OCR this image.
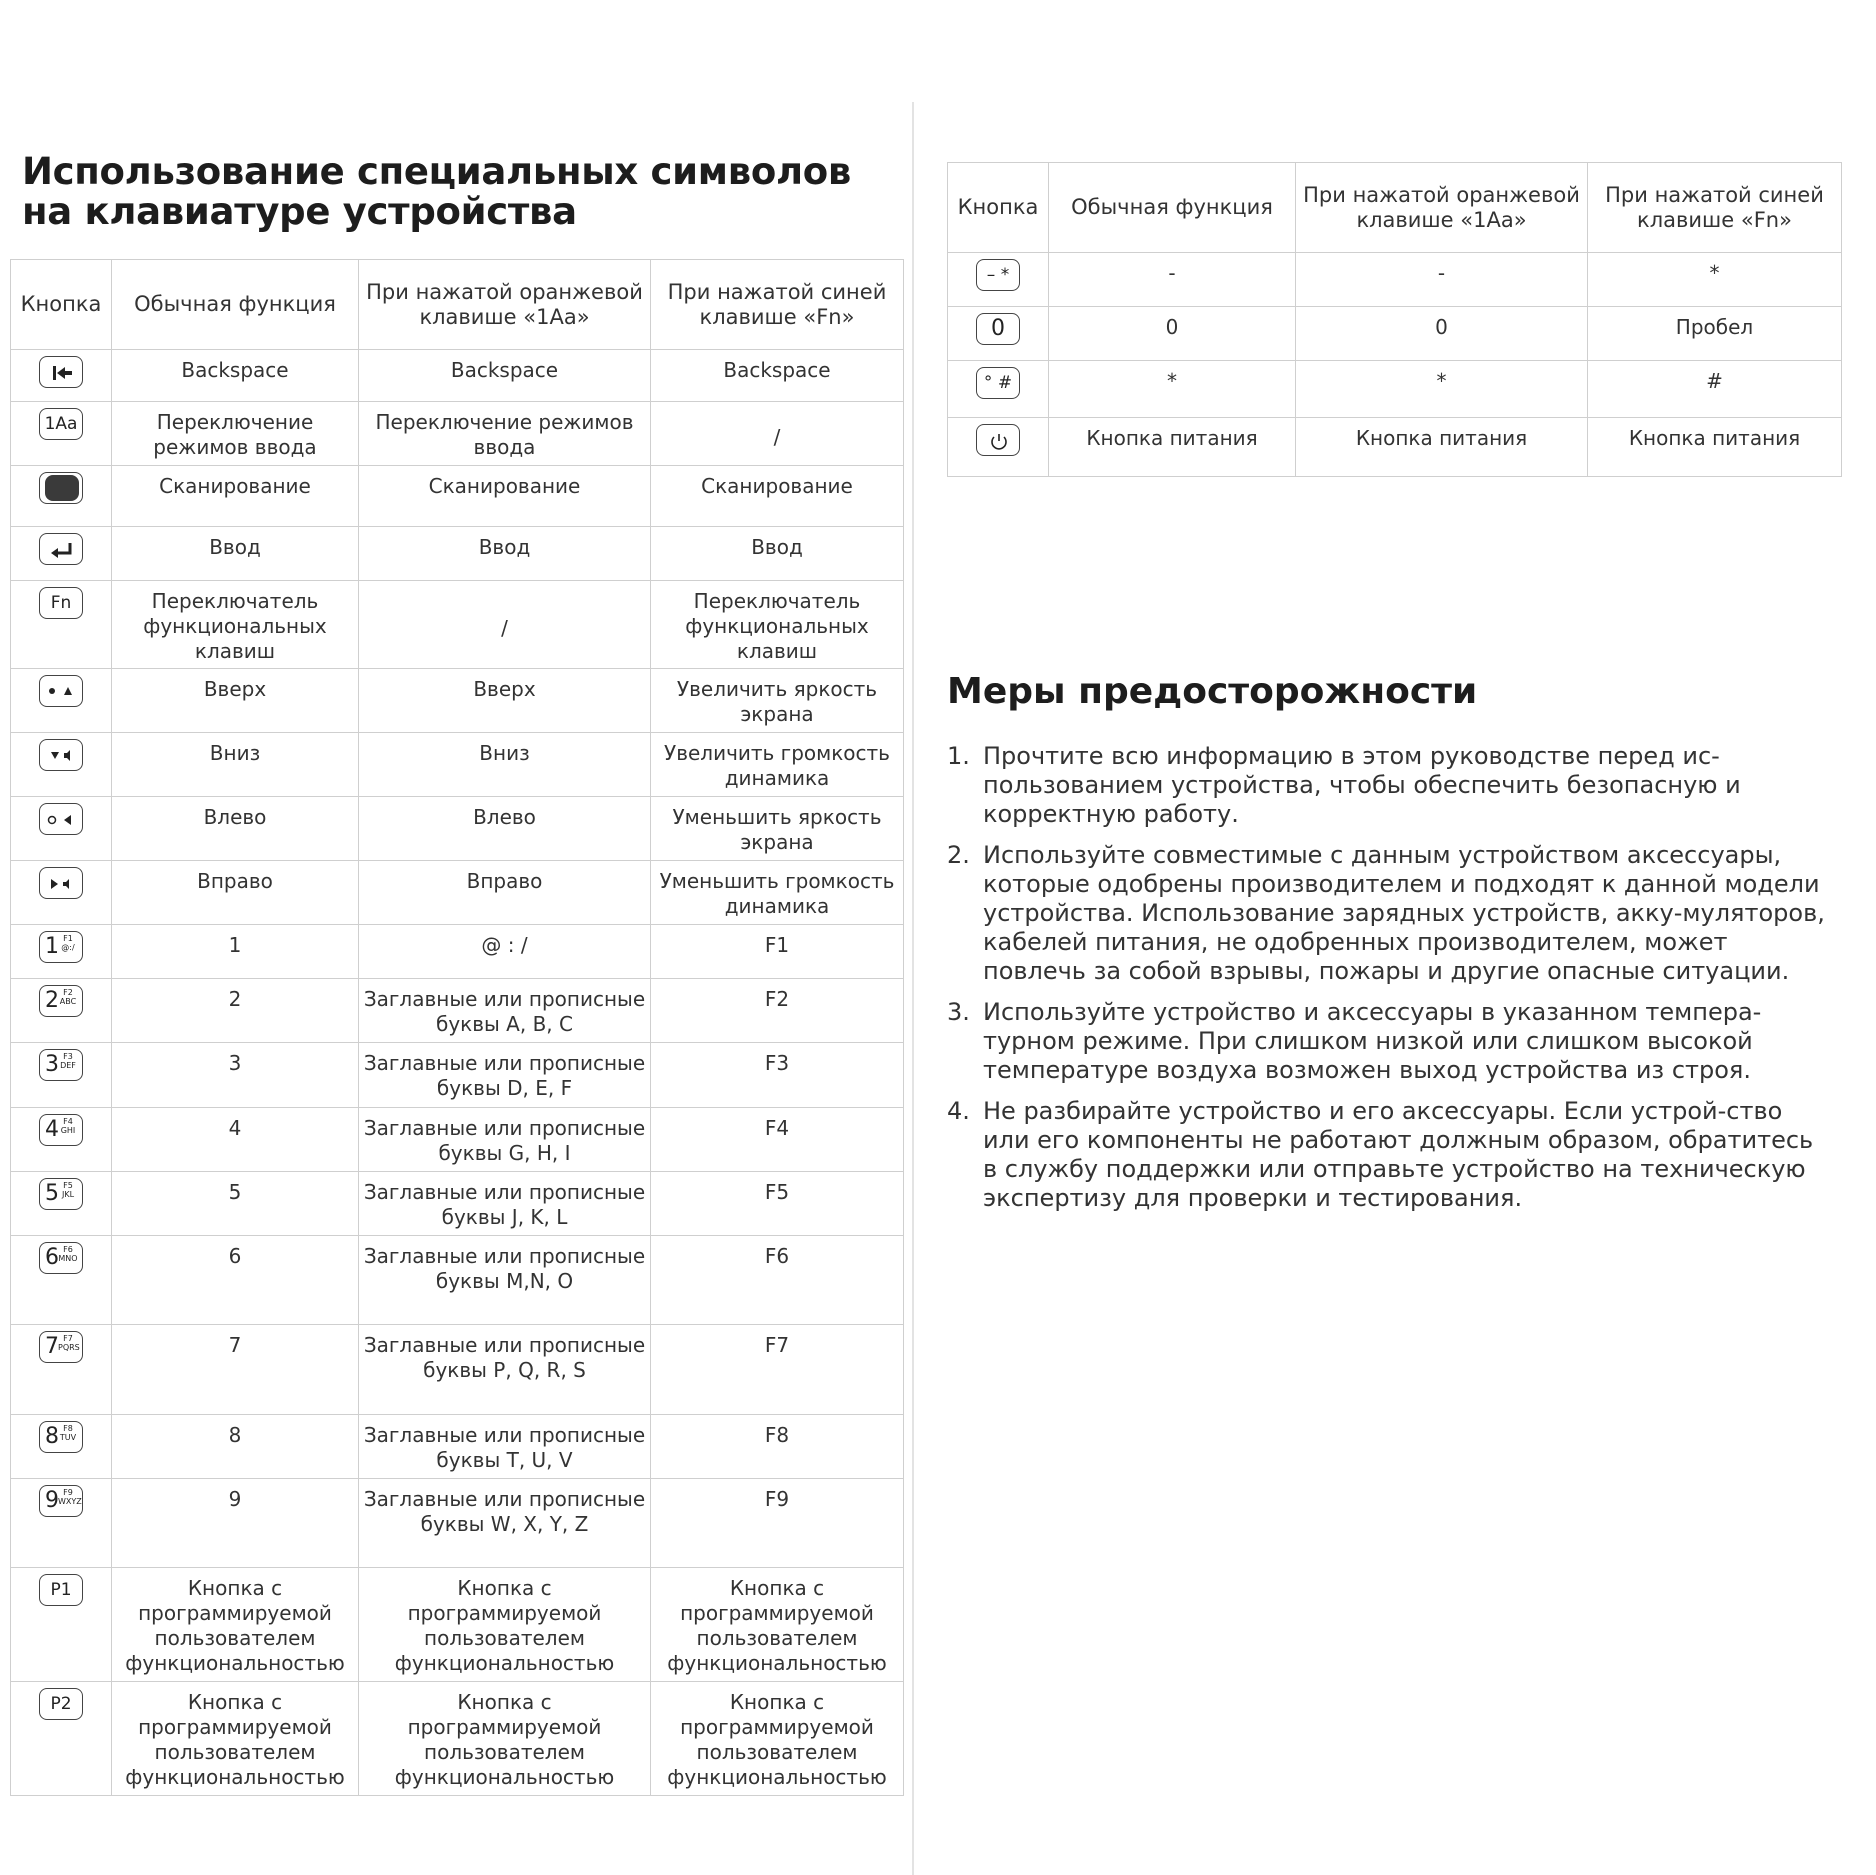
Использование специальных символов
на клавиатуре устройства
Кнопка	Обычная функция	При нажатой оранжевой клавише «1Aa»	При нажатой синей клавише «Fn»

	Backspace	Backspace	Backspace

1Aa	Переключение режимов ввода	Переключение режимов ввода	/

	Сканирование	Сканирование	Сканирование

	Ввод	Ввод	Ввод

Fn	Переключатель функциональных клавиш	/	Переключатель функциональных клавиш

	Вверх	Вверх	Увеличить яркость экрана

	Вниз	Вниз	Увеличить громкость динамика

	Влево	Влево	Уменьшить яркость экрана

	Вправо	Вправо	Уменьшить громкость динамика

1 F1 @:/	1	@ : /	F1

2 F2 ABC	2	Заглавные или прописные буквы A, B, C	F2

3 F3 DEF	3	Заглавные или прописные буквы D, E, F	F3

4 F4 GHI	4	Заглавные или прописные буквы G, H, I	F4

5 F5 JKL	5	Заглавные или прописные буквы J, K, L	F5

6 F6 MNO	6	Заглавные или прописные буквы M,N, O	F6

7 F7 PQRS	7	Заглавные или прописные буквы P, Q, R, S	F7

8 F8 TUV	8	Заглавные или прописные буквы T, U, V	F8

9 F9 WXYZ	9	Заглавные или прописные буквы W, X, Y, Z	F9

P1	Кнопка с программируемой пользователем функциональностью	Кнопка с программируемой пользователем функциональностью	Кнопка с программируемой пользователем функциональностью

P2	Кнопка с программируемой пользователем функциональностью	Кнопка с программируемой пользователем функциональностью	Кнопка с программируемой пользователем функциональностью
Кнопка	Обычная функция	При нажатой оранжевой клавише «1Aa»	При нажатой синей клавише «Fn»

– *	-	-	*

0	0	0	Пробел

° #	*	*	#

	Кнопка питания	Кнопка питания	Кнопка питания
Меры предосторожности
1. Прочтите всю информацию в этом руководстве перед ис-пользованием устройства, чтобы обеспечить безопасную и корректную работу.
2. Используйте совместимые с данным устройством аксессуары, которые одобрены производителем и подходят к данной модели устройства. Использование зарядных устройств, акку-муляторов, кабелей питания, не одобренных производителем, может повлечь за собой взрывы, пожары и другие опасные ситуации.
3. Используйте устройство и аксессуары в указанном темпера-турном режиме. При слишком низкой или слишком высокой температуре воздуха возможен выход устройства из строя.
4. Не разбирайте устройство и его аксессуары. Если устрой-ство или его компоненты не работают должным образом, обратитесь в службу поддержки или отправьте устройство на техническую экспертизу для проверки и тестирования.
